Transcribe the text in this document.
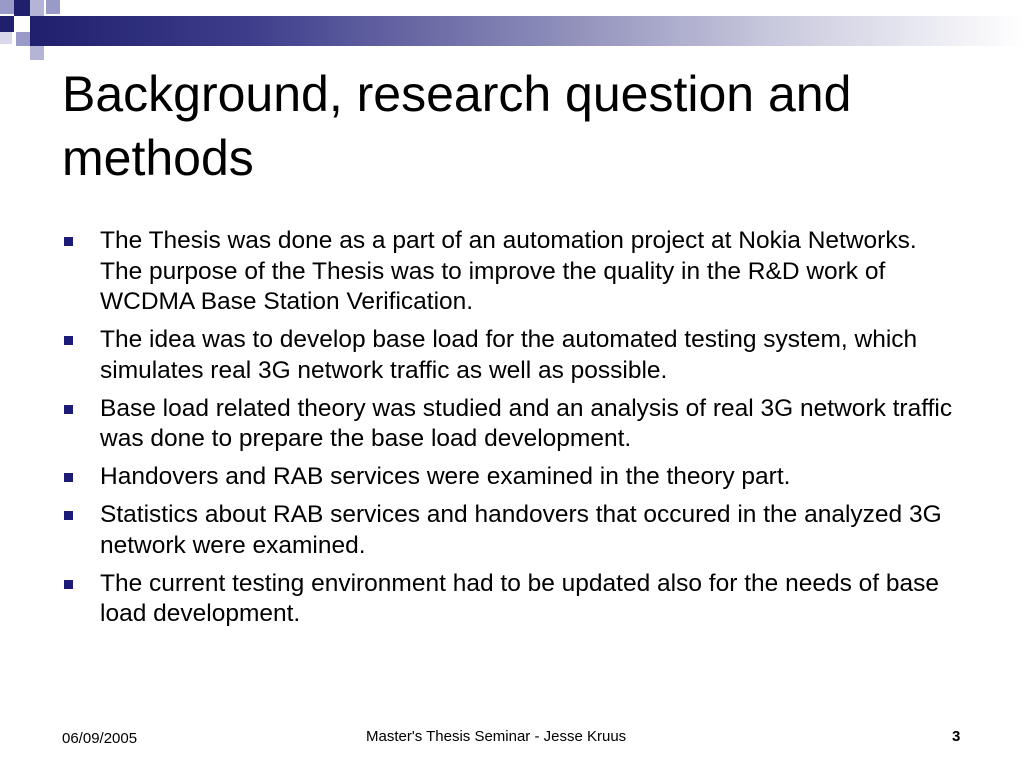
Background, research question and
methods
The Thesis was done as a part of an automation project at Nokia Networks. The purpose of the Thesis was to improve the quality in the R&D work of WCDMA Base Station Verification.
The idea was to develop base load for the automated testing system, which simulates real 3G network traffic as well as possible.
Base load related theory was studied and an analysis of real 3G network traffic was done to prepare the base load development.
Handovers and RAB services were examined in the theory part.
Statistics about RAB services and handovers that occured in the analyzed 3G network were examined.
The current testing environment had to be updated also for the needs of base load development.
06/09/2005	Master's Thesis Seminar - Jesse Kruus	3
